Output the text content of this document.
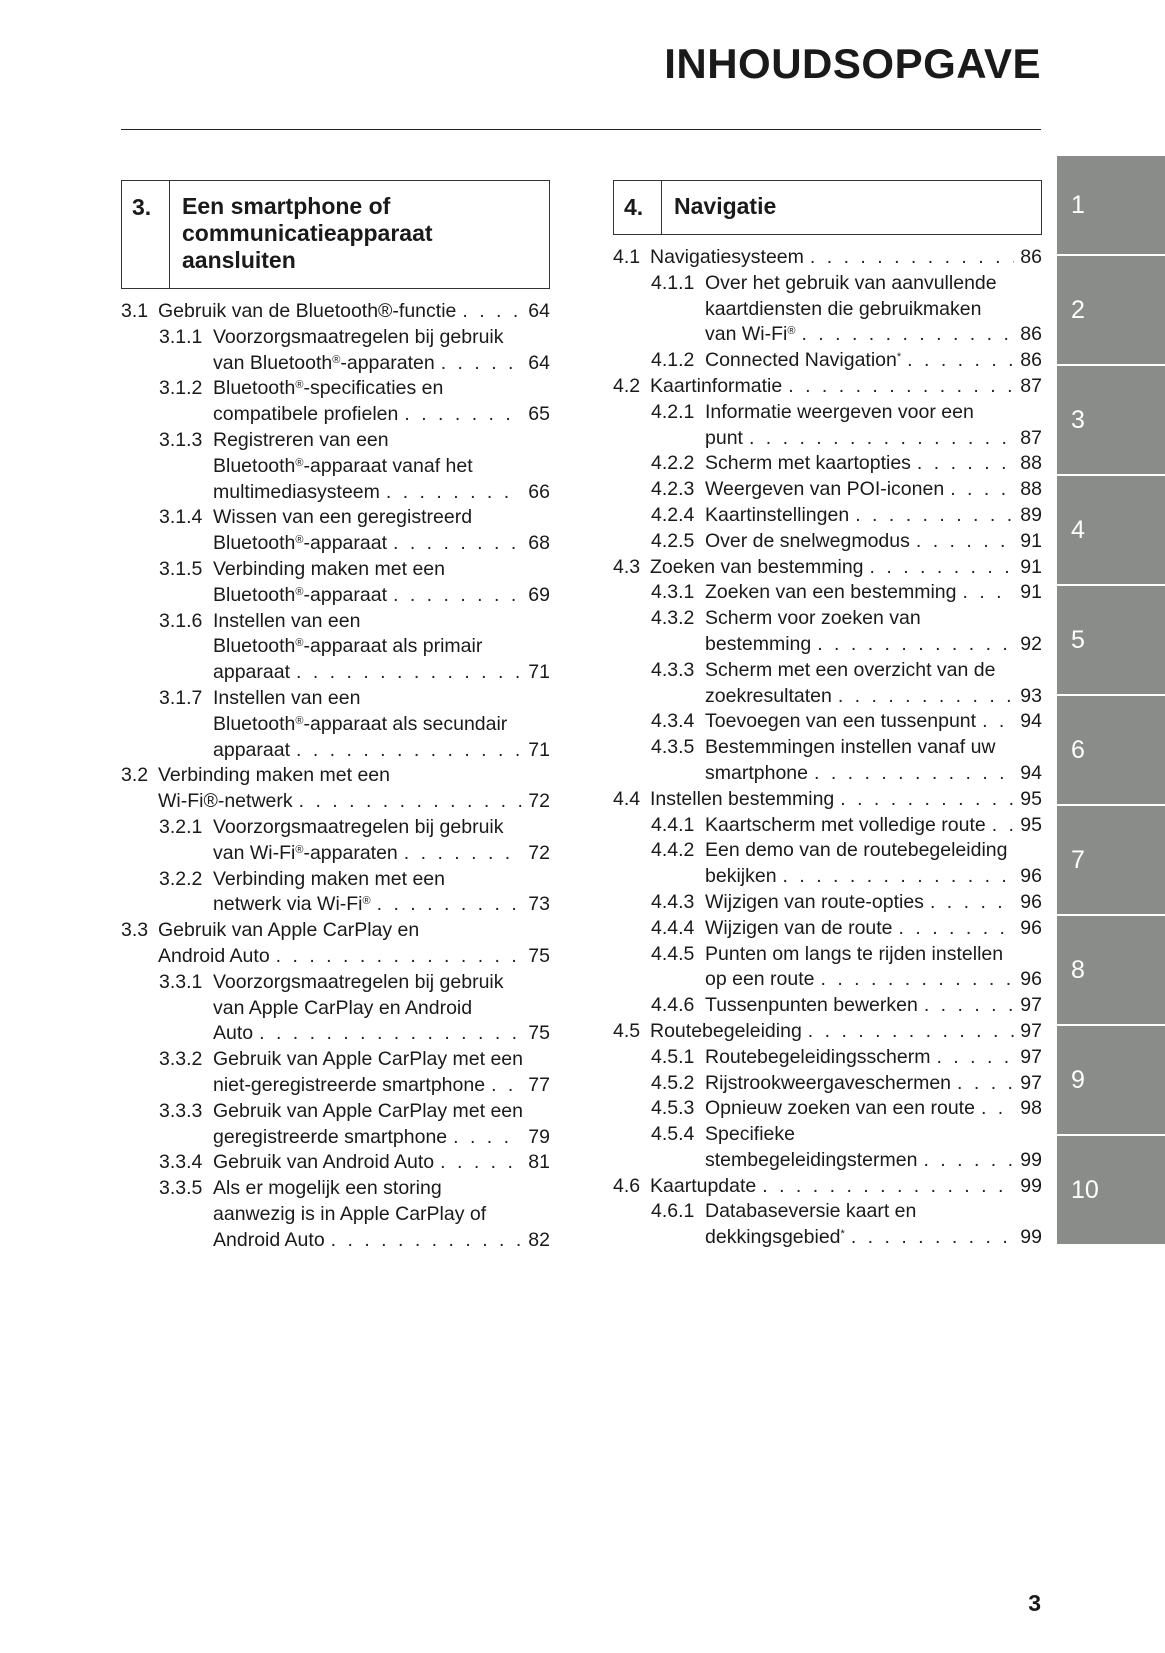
INHOUDSOPGAVE
3.	Een smartphone of
communicatieapparaat
aansluiten
3.1 Gebruik van de Bluetooth®-functie . . .	64
3.1.1 Voorzorgsmaatregelen bij gebruik
van Bluetooth®-apparaten . . .	64
3.1.2 Bluetooth®-specificaties en
compatibele profielen . . .	65
3.1.3 Registreren van een
Bluetooth®-apparaat vanaf het
multimediasysteem . . .	66
3.1.4 Wissen van een geregistreerd
Bluetooth®-apparaat . . .	68
3.1.5 Verbinding maken met een
Bluetooth®-apparaat . . .	69
3.1.6 Instellen van een
Bluetooth®-apparaat als primair
apparaat . . .	71
3.1.7 Instellen van een
Bluetooth®-apparaat als secundair
apparaat . . .	71
3.2 Verbinding maken met een
Wi-Fi®-netwerk . . .	72
3.2.1 Voorzorgsmaatregelen bij gebruik
van Wi-Fi®-apparaten . . .	72
3.2.2 Verbinding maken met een
netwerk via Wi-Fi® . . .	73
3.3 Gebruik van Apple CarPlay en
Android Auto . . .	75
3.3.1 Voorzorgsmaatregelen bij gebruik
van Apple CarPlay en Android
Auto . . .	75
3.3.2 Gebruik van Apple CarPlay met een
niet-geregistreerde smartphone . . . 77
3.3.3 Gebruik van Apple CarPlay met een
geregistreerde smartphone . . .	79
3.3.4 Gebruik van Android Auto . . .	81
3.3.5 Als er mogelijk een storing
aanwezig is in Apple CarPlay of
Android Auto . . .	82
4.	Navigatie
4.1 Navigatiesysteem . . .	86
4.1.1 Over het gebruik van aanvullende
kaartdiensten die gebruikmaken
van Wi-Fi® . . .	86
4.1.2 Connected Navigation* . . .	86
4.2 Kaartinformatie . . .	87
4.2.1 Informatie weergeven voor een
punt . . .	87
4.2.2 Scherm met kaartopties . . .	88
4.2.3 Weergeven van POI-iconen . . .	88
4.2.4 Kaartinstellingen . . .	89
4.2.5 Over de snelwegmodus . . .	91
4.3 Zoeken van bestemming . . .	91
4.3.1 Zoeken van een bestemming . . .	91
4.3.2 Scherm voor zoeken van
bestemming . . .	92
4.3.3 Scherm met een overzicht van de
zoekresultaten . . .	93
4.3.4 Toevoegen van een tussenpunt . . . 94
4.3.5 Bestemmingen instellen vanaf uw
smartphone . . .	94
4.4 Instellen bestemming . . .	95
4.4.1 Kaartscherm met volledige route . . . 95
4.4.2 Een demo van de routebegeleiding
bekijken . . .	96
4.4.3 Wijzigen van route-opties . . .	96
4.4.4 Wijzigen van de route . . .	96
4.4.5 Punten om langs te rijden instellen
op een route . . .	96
4.4.6 Tussenpunten bewerken . . .	97
4.5 Routebegeleiding . . .	97
4.5.1 Routebegeleidingsscherm . . .	97
4.5.2 Rijstrookweergaveschermen . . .	97
4.5.3 Opnieuw zoeken van een route . . . 98
4.5.4 Specifieke
stembegeleidingstermen . . .	99
4.6 Kaartupdate . . .	99
4.6.1 Databaseversie kaart en
dekkingsgebied* . . .	99
1
2
3
4
5
6
7
8
9
10
3
